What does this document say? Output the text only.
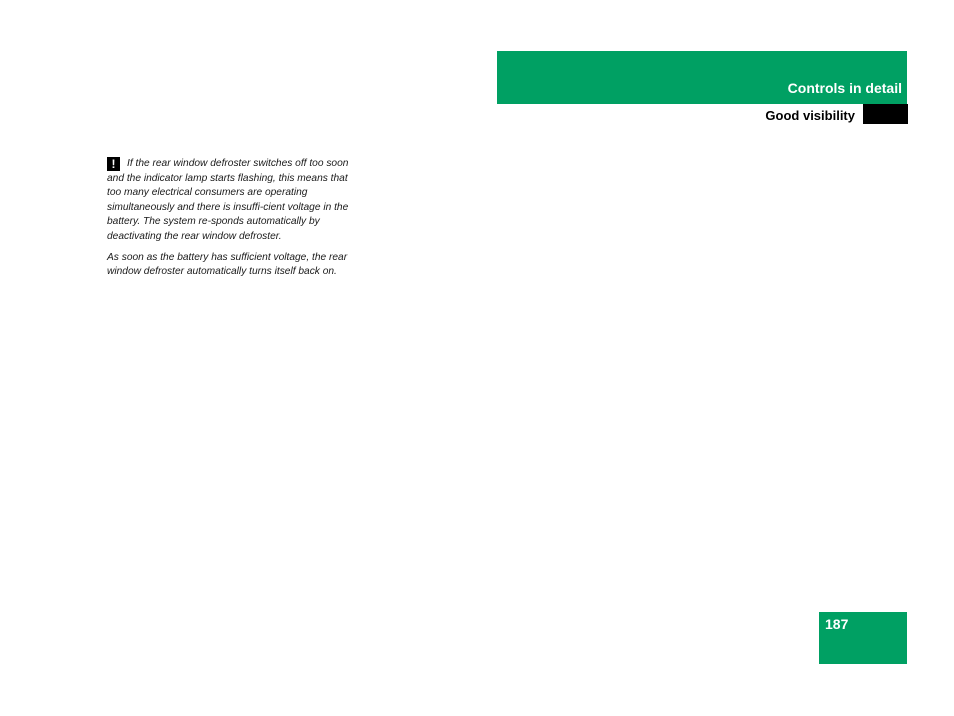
Controls in detail
Good visibility

! If the rear window defroster switches off too soon and the indicator lamp starts flashing, this means that too many electrical consumers are operating simultaneously and there is insuffi-cient voltage in the battery. The system re-sponds automatically by deactivating the rear window defroster.

As soon as the battery has sufficient voltage, the rear window defroster automatically turns itself back on.

187
